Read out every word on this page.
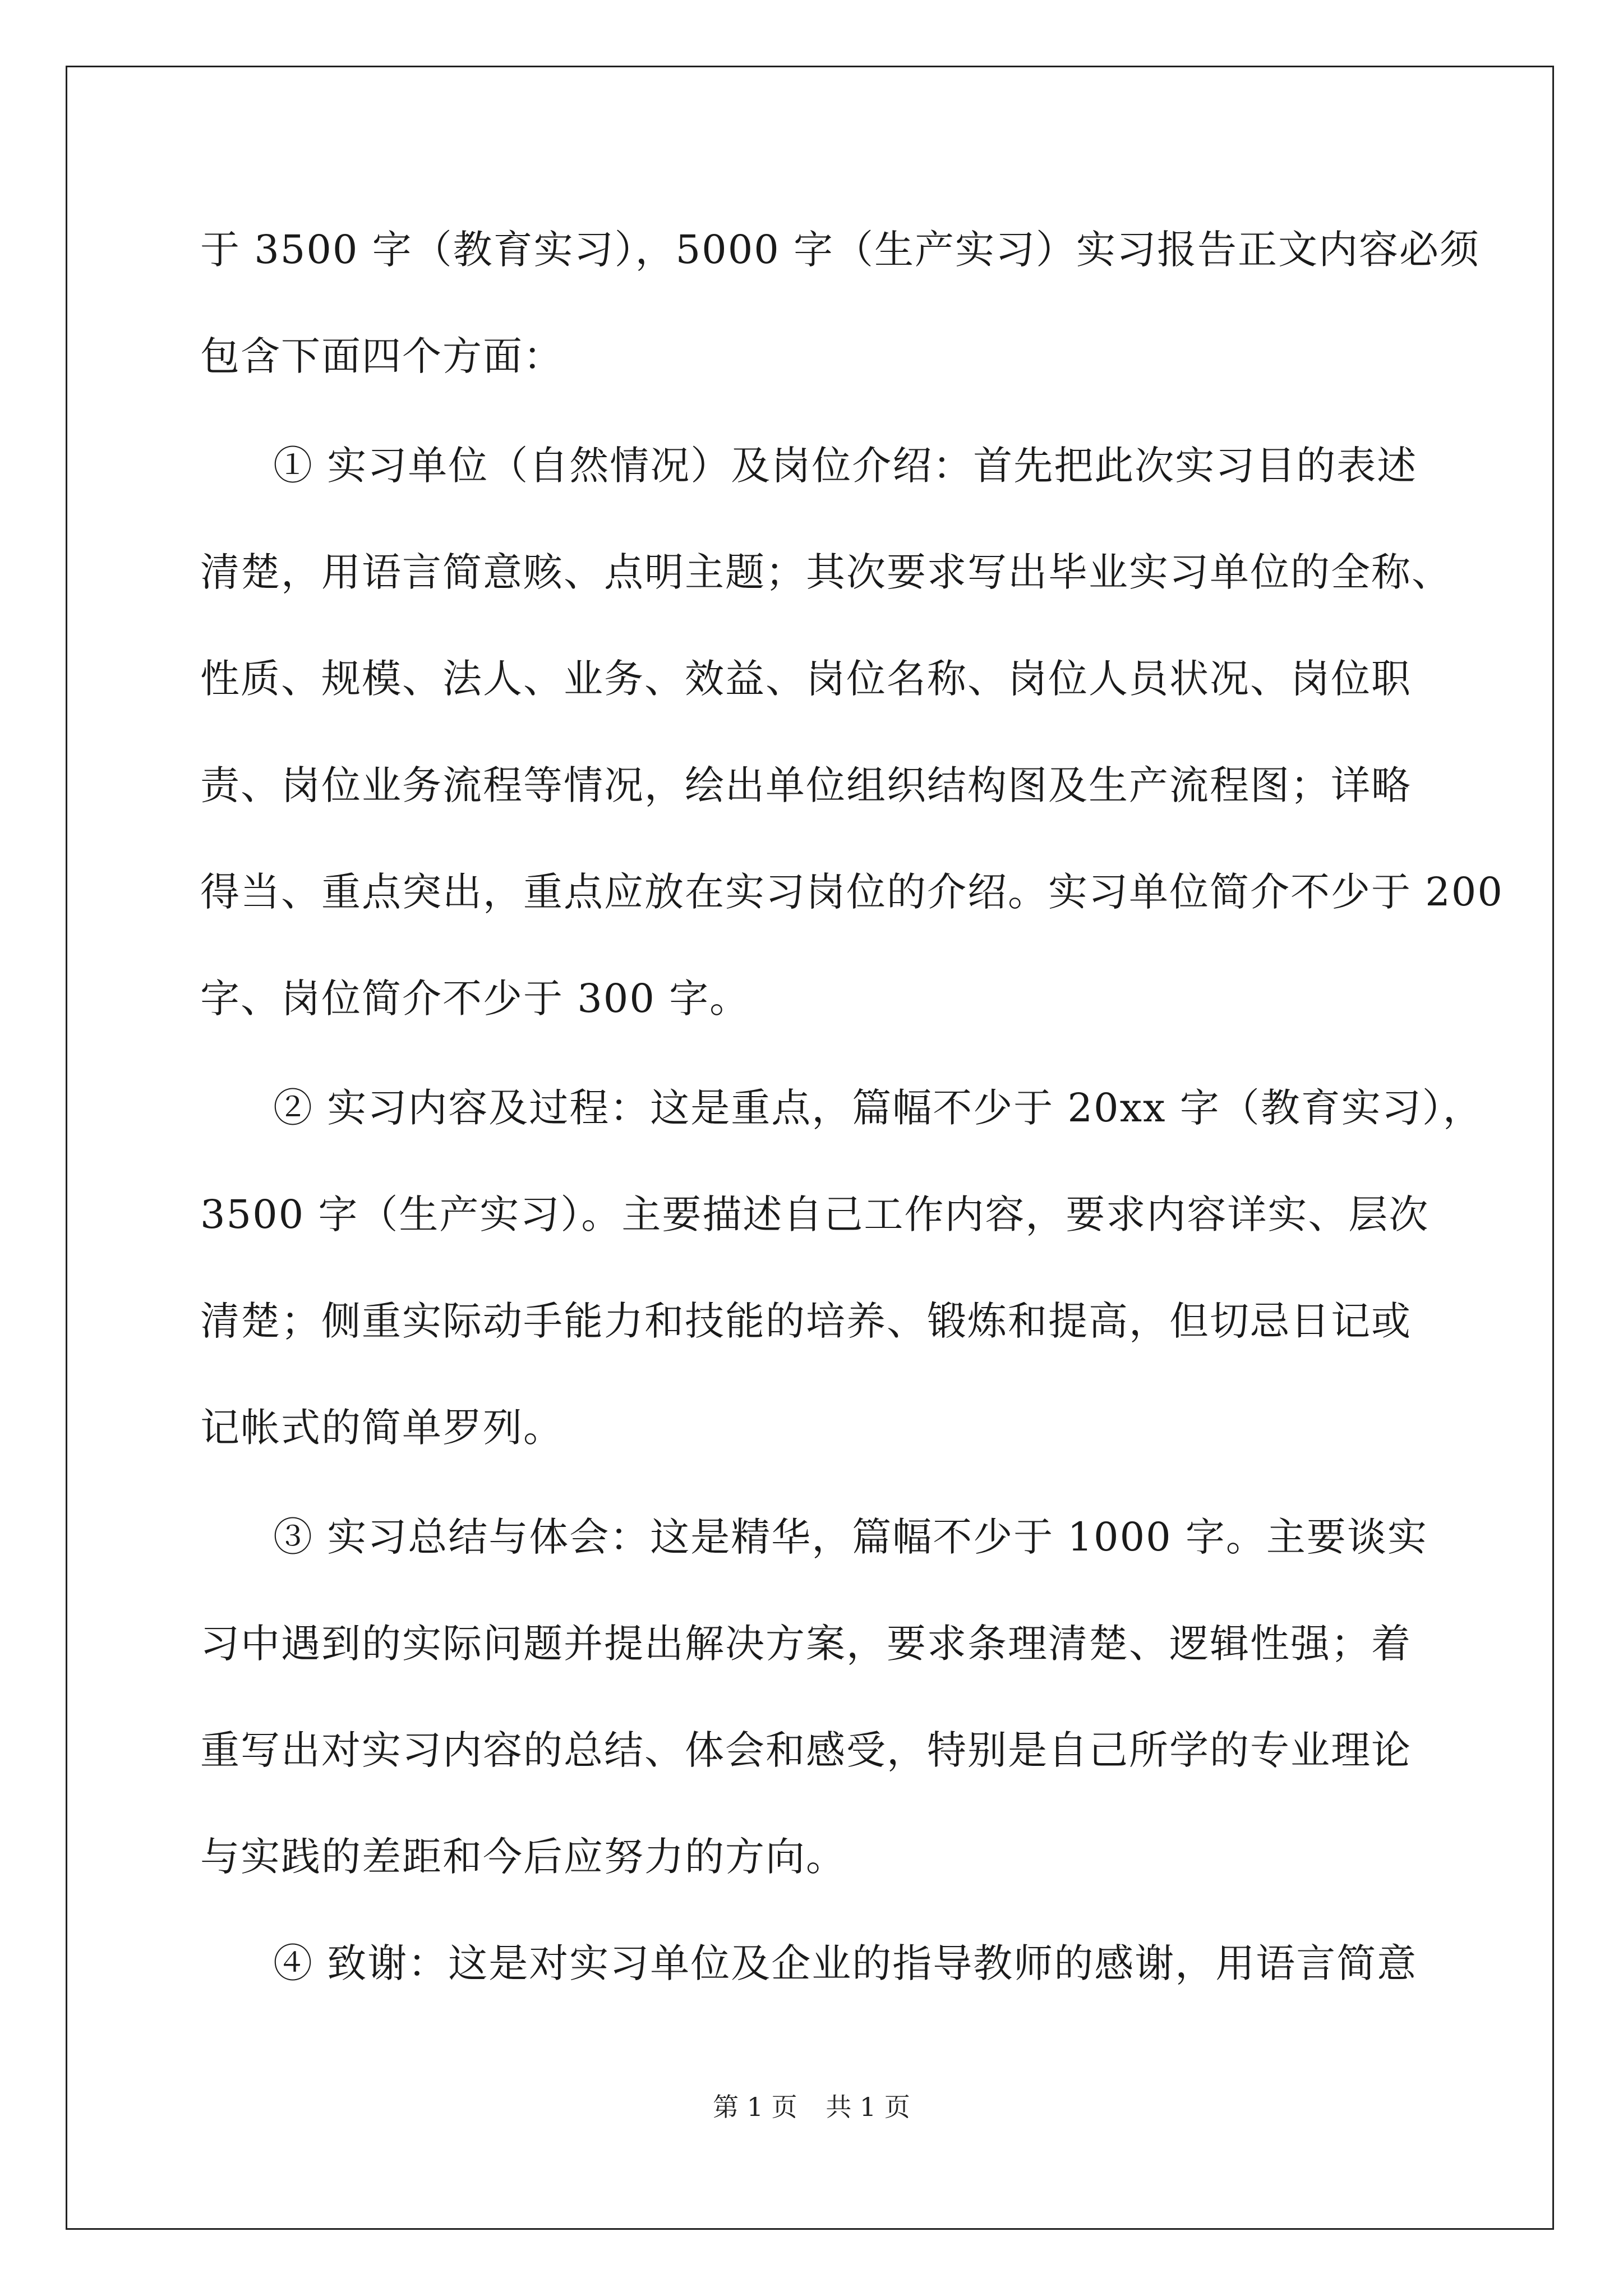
于 3500 字（教育实习），5000 字（生产实习）实习报告正文内容必须
包含下面四个方面：
① 实习单位（自然情况）及岗位介绍：首先把此次实习目的表述
清楚，用语言简意赅、点明主题；其次要求写出毕业实习单位的全称、
性质、规模、法人、业务、效益、岗位名称、岗位人员状况、岗位职
责、岗位业务流程等情况，绘出单位组织结构图及生产流程图；详略
得当、重点突出，重点应放在实习岗位的介绍。实习单位简介不少于 200
字、岗位简介不少于 300 字。
② 实习内容及过程：这是重点，篇幅不少于 20xx 字（教育实习），
3500 字（生产实习）。主要描述自己工作内容，要求内容详实、层次
清楚；侧重实际动手能力和技能的培养、锻炼和提高，但切忌日记或
记帐式的简单罗列。
③ 实习总结与体会：这是精华，篇幅不少于 1000 字。主要谈实
习中遇到的实际问题并提出解决方案，要求条理清楚、逻辑性强；着
重写出对实习内容的总结、体会和感受，特别是自己所学的专业理论
与实践的差距和今后应努力的方向。
④ 致谢：这是对实习单位及企业的指导教师的感谢，用语言简意
第 1 页 共 1 页
